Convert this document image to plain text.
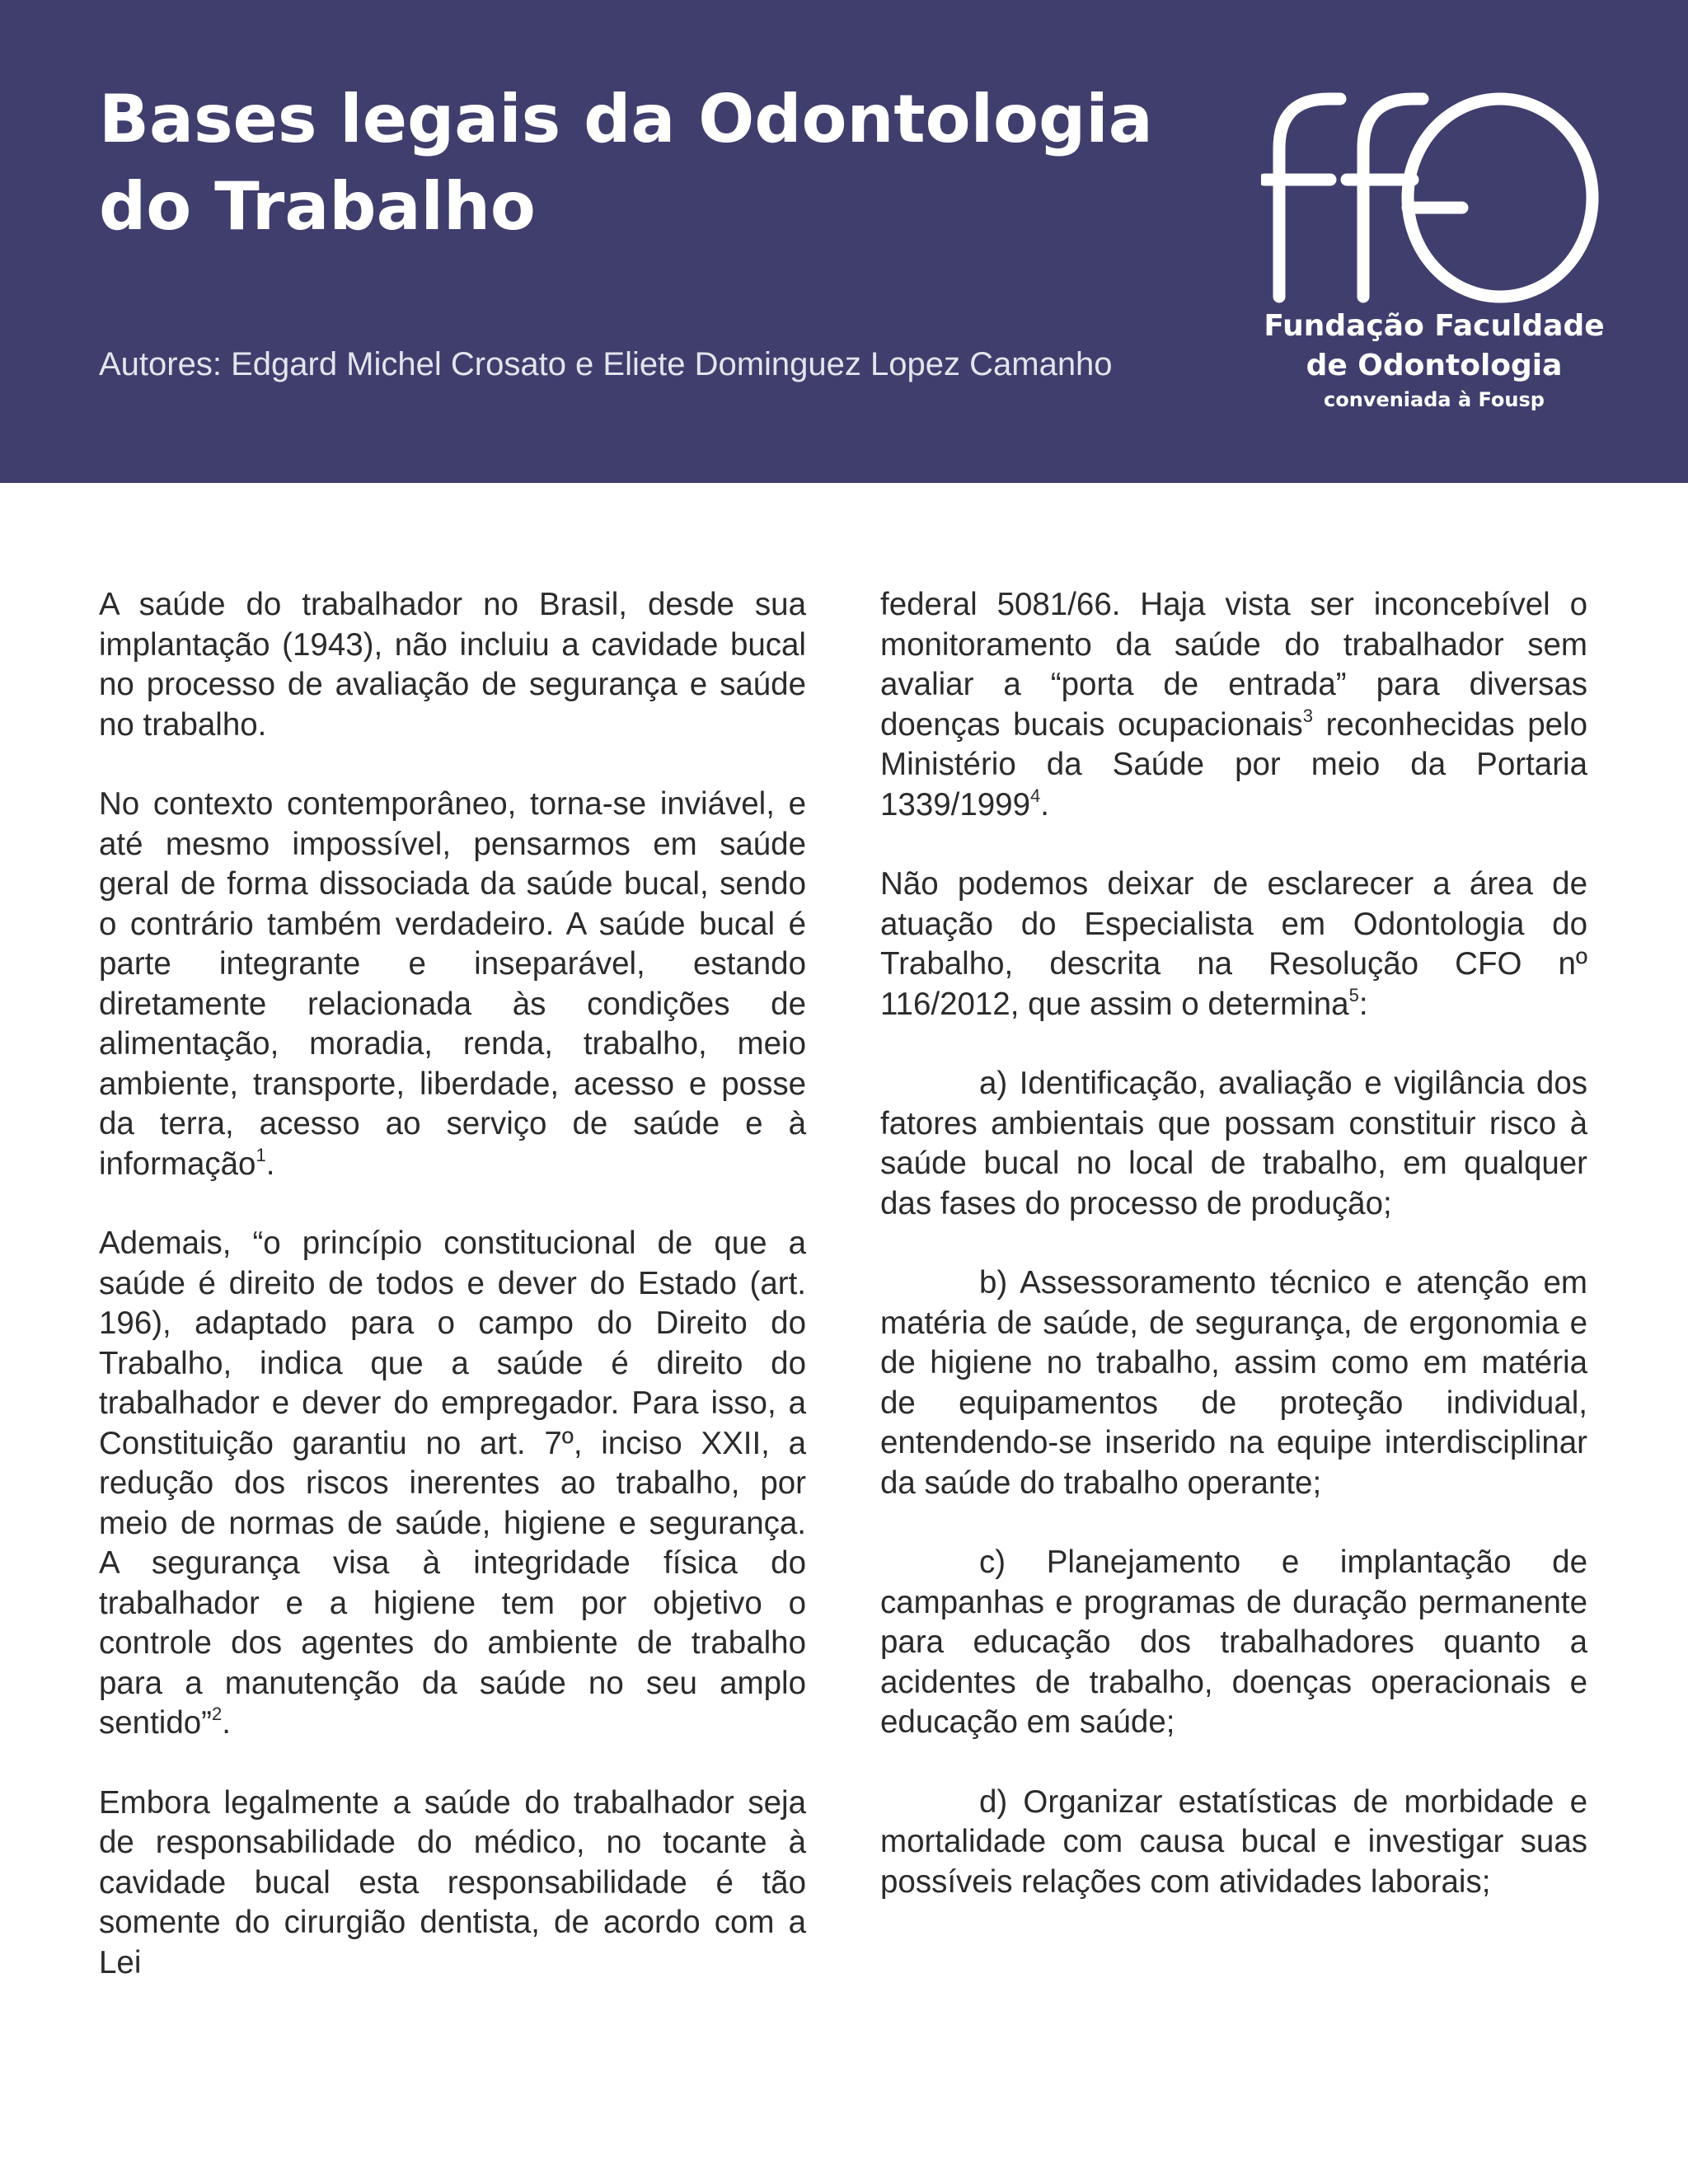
Bases legais da Odontologia
do Trabalho

Autores: Edgard Michel Crosato e Eliete Dominguez Lopez Camanho

Fundação Faculdade
de Odontologia
conveniada à Fousp

A saúde do trabalhador no Brasil, desde sua implantação (1943), não incluiu a cavidade bucal no processo de avaliação de segurança e saúde no trabalho.

No contexto contemporâneo, torna-se inviável, e até mesmo impossível, pensarmos em saúde geral de forma dissociada da saúde bucal, sendo o contrário também verdadeiro. A saúde bucal é parte integrante e inseparável, estando diretamente relacionada às condições de alimentação, moradia, renda, trabalho, meio ambiente, transporte, liberdade, acesso e posse da terra, acesso ao serviço de saúde e à informação$^1$.

Ademais, “o princípio constitucional de que a saúde é direito de todos e dever do Estado (art. 196), adaptado para o campo do Direito do Trabalho, indica que a saúde é direito do trabalhador e dever do empregador. Para isso, a Constituição garantiu no art. 7º, inciso XXII, a redução dos riscos inerentes ao trabalho, por meio de normas de saúde, higiene e segurança. A segurança visa à integridade física do trabalhador e a higiene tem por objetivo o controle dos agentes do ambiente de trabalho para a manutenção da saúde no seu amplo sentido”$^2$.

Embora legalmente a saúde do trabalhador seja de responsabilidade do médico, no tocante à cavidade bucal esta responsabilidade é tão somente do cirurgião dentista, de acordo com a Lei

federal 5081/66. Haja vista ser inconcebível o monitoramento da saúde do trabalhador sem avaliar a “porta de entrada” para diversas doenças bucais ocupacionais$^3$ reconhecidas pelo Ministério da Saúde por meio da Portaria 1339/1999$^4$.

Não podemos deixar de esclarecer a área de atuação do Especialista em Odontologia do Trabalho, descrita na Resolução CFO nº 116/2012, que assim o determina$^5$:

a) Identificação, avaliação e vigilância dos fatores ambientais que possam constituir risco à saúde bucal no local de trabalho, em qualquer das fases do processo de produção;

b) Assessoramento técnico e atenção em matéria de saúde, de segurança, de ergonomia e de higiene no trabalho, assim como em matéria de equipamentos de proteção individual, entendendo-se inserido na equipe interdisciplinar da saúde do trabalho operante;

c) Planejamento e implantação de campanhas e programas de duração permanente para educação dos trabalhadores quanto a acidentes de trabalho, doenças operacionais e educação em saúde;

d) Organizar estatísticas de morbidade e mortalidade com causa bucal e investigar suas possíveis relações com atividades laborais;
